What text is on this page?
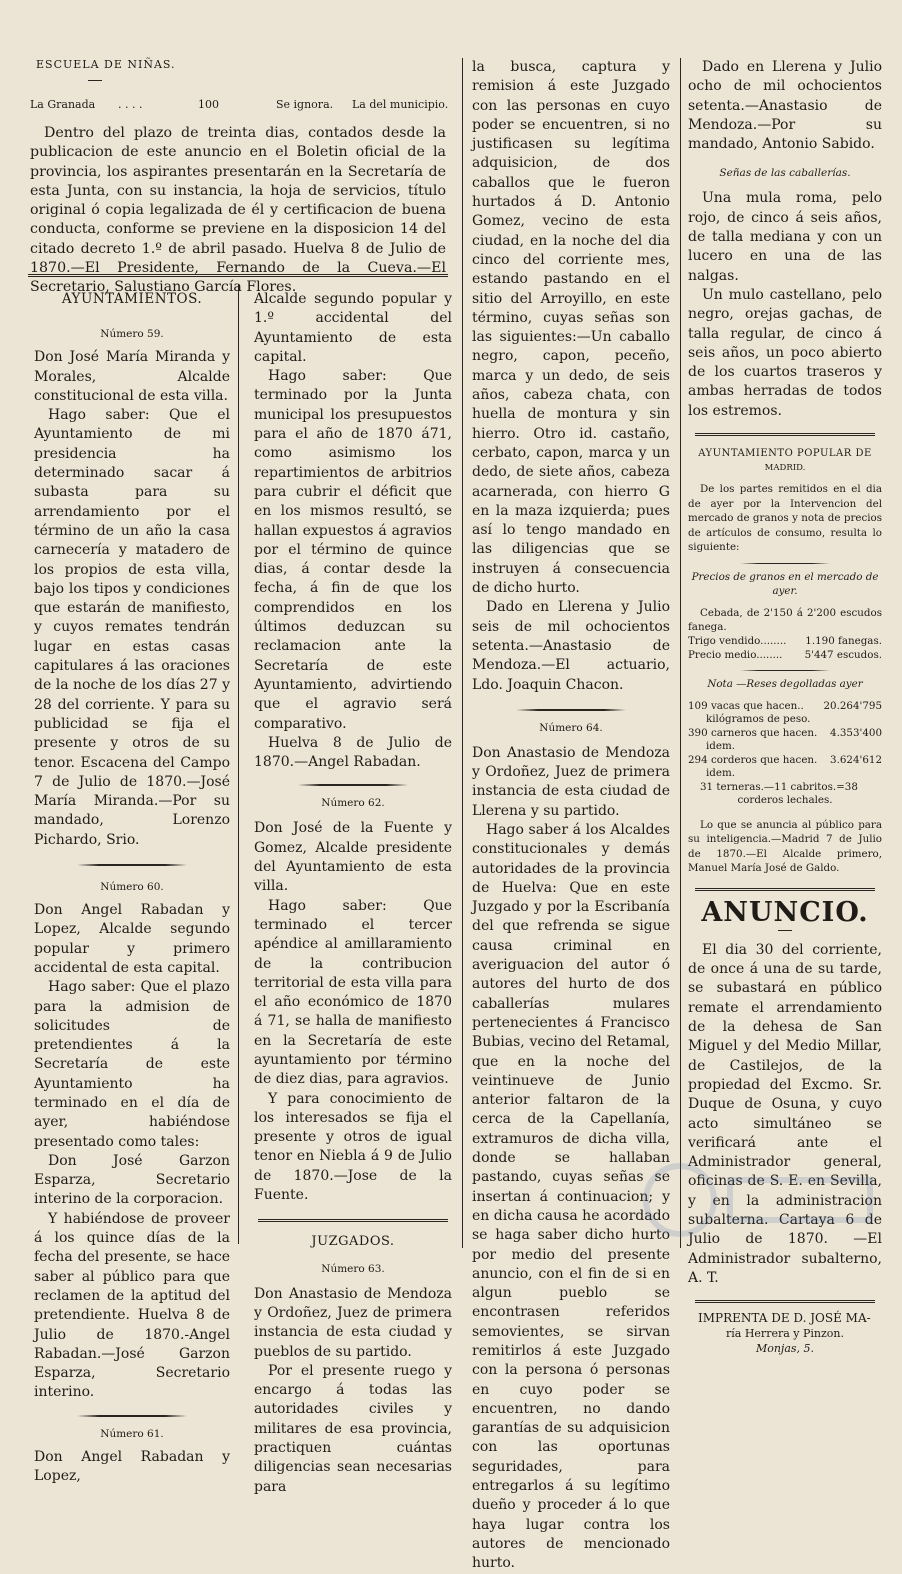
ESCUELA DE NIÑAS.
La Granada . . . .	100	Se ignora. La del municipio.

Dentro del plazo de treinta dias, contados desde la publicacion de este anuncio en el Boletin oficial de la provincia, los aspirantes presentarán en la Secretaría de esta Junta, con su instancia, la hoja de servicios, título original ó copia legalizada de él y certificacion de buena conducta, conforme se previene en la disposicion 14 del citado decreto 1.º de abril pasado. Huelva 8 de Julio de 1870.—El Presidente, Fernando de la Cueva.—El Secretario, Salustiano García Flores.

AYUNTAMIENTOS.
Número 59.

Don José María Miranda y Morales, Alcalde constitucional de esta villa.

Hago saber: Que el Ayuntamiento de mi presidencia ha determinado sacar á subasta para su arrendamiento por el término de un año la casa carnecería y matadero de los propios de esta villa, bajo los tipos y condiciones que estarán de manifiesto, y cuyos remates tendrán lugar en estas casas capitulares á las oraciones de la noche de los días 27 y 28 del corriente. Y para su publicidad se fija el presente y otros de su tenor. Escacena del Campo 7 de Julio de 1870.—José María Miranda.—Por su mandado, Lorenzo Pichardo, Srio.

Número 60.

Don Angel Rabadan y Lopez, Alcalde segundo popular y primero accidental de esta capital.

Hago saber: Que el plazo para la admision de solicitudes de pretendientes á la Secretaría de este Ayuntamiento ha terminado en el día de ayer, habiéndose presentado como tales:

Don José Garzon Esparza, Secretario interino de la corporacion.

Y habiéndose de proveer á los quince días de la fecha del presente, se hace saber al público para que reclamen de la aptitud del pretendiente. Huelva 8 de Julio de 1870.-Angel Rabadan.—José Garzon Esparza, Secretario interino.

Número 61.

Don Angel Rabadan y Lopez,

Alcalde segundo popular y 1.º accidental del Ayuntamiento de esta capital.

Hago saber: Que terminado por la Junta municipal los presupuestos para el año de 1870 á71, como asimismo los repartimientos de arbitrios para cubrir el déficit que en los mismos resultó, se hallan expuestos á agravios por el término de quince dias, á contar desde la fecha, á fin de que los comprendidos en los últimos deduzcan su reclamacion ante la Secretaría de este Ayuntamiento, advirtiendo que el agravio será comparativo.

Huelva 8 de Julio de 1870.—Angel Rabadan.

Número 62.

Don José de la Fuente y Gomez, Alcalde presidente del Ayuntamiento de esta villa.

Hago saber: Que terminado el tercer apéndice al amillaramiento de la contribucion territorial de esta villa para el año económico de 1870 á 71, se halla de manifiesto en la Secretaría de este ayuntamiento por término de diez dias, para agravios.

Y para conocimiento de los interesados se fija el presente y otros de igual tenor en Niebla á 9 de Julio de 1870.—Jose de la Fuente.

JUZGADOS.
Número 63.

Don Anastasio de Mendoza y Ordoñez, Juez de primera instancia de esta ciudad y pueblos de su partido.

Por el presente ruego y encargo á todas las autoridades civiles y militares de esa provincia, practiquen cuántas diligencias sean necesarias para

la busca, captura y remision á este Juzgado con las personas en cuyo poder se encuentren, si no justificasen su legítima adquisicion, de dos caballos que le fueron hurtados á D. Antonio Gomez, vecino de esta ciudad, en la noche del dia cinco del corriente mes, estando pastando en el sitio del Arroyillo, en este término, cuyas señas son las siguientes:—Un caballo negro, capon, peceño, marca y un dedo, de seis años, cabeza chata, con huella de montura y sin hierro. Otro id. castaño, cerbato, capon, marca y un dedo, de siete años, cabeza acarnerada, con hierro G en la maza izquierda; pues así lo tengo mandado en las diligencias que se instruyen á consecuencia de dicho hurto.

Dado en Llerena y Julio seis de mil ochocientos setenta.—Anastasio de Mendoza.—El actuario, Ldo. Joaquin Chacon.

Número 64.

Don Anastasio de Mendoza y Ordoñez, Juez de primera instancia de esta ciudad de Llerena y su partido.

Hago saber á los Alcaldes constitucionales y demás autoridades de la provincia de Huelva: Que en este Juzgado y por la Escribanía del que refrenda se sigue causa criminal en averiguacion del autor ó autores del hurto de dos caballerías mulares pertenecientes á Francisco Bubias, vecino del Retamal, que en la noche del veintinueve de Junio anterior faltaron de la cerca de la Capellanía, extramuros de dicha villa, donde se hallaban pastando, cuyas señas se insertan á continuacion; y en dicha causa he acordado se haga saber dicho hurto por medio del presente anuncio, con el fin de si en algun pueblo se encontrasen referidos semovientes, se sirvan remitirlos á este Juzgado con la persona ó personas en cuyo poder se encuentren, no dando garantías de su adquisicion con las oportunas seguridades, para entregarlos á su legítimo dueño y proceder á lo que haya lugar contra los autores de mencionado hurto.

Dado en Llerena y Julio ocho de mil ochocientos setenta.—Anastasio de Mendoza.—Por su mandado, Antonio Sabido.

Señas de las caballerías.

Una mula roma, pelo rojo, de cinco á seis años, de talla mediana y con un lucero en una de las nalgas.

Un mulo castellano, pelo negro, orejas gachas, de talla regular, de cinco á seis años, un poco abierto de los cuartos traseros y ambas herradas de todos los estremos.

AYUNTAMIENTO POPULAR DE
MADRID.
De los partes remitidos en el dia de ayer por la Intervencion del mercado de granos y nota de precios de artículos de consumo, resulta lo siguiente:
Precios de granos en el mercado de ayer.

Cebada, de 2'150 á 2'200 escudos fanega.

Trigo vendido........ 1.190 fanegas.
Precio medio........ 5'447 escudos.
Nota —Reses degolladas ayer
109 vacas que hacen.. 20.264'795
kilógramos de peso.
390 carneros que hacen. 4.353'400
idem.
294 corderos que hacen. 3.624'612
idem.
31 terneras.—11 cabritos.=38
corderos lechales.
Lo que se anuncia al público para su inteligencia.—Madrid 7 de Julio de 1870.—El Alcalde primero, Manuel María José de Galdo.
ANUNCIO.

El dia 30 del corriente, de once á una de su tarde, se subastará en público remate el arrendamiento de la dehesa de San Miguel y del Medio Millar, de Castilejos, de la propiedad del Excmo. Sr. Duque de Osuna, y cuyo acto simultáneo se verificará ante el Administrador general, oficinas de S. E. en Sevilla, y en la administracion subalterna. Cartaya 6 de Julio de 1870. —El Administrador subalterno, A. T.

IMPRENTA DE D. JOSÉ MA-
ría Herrera y Pinzon.
Monjas, 5.
